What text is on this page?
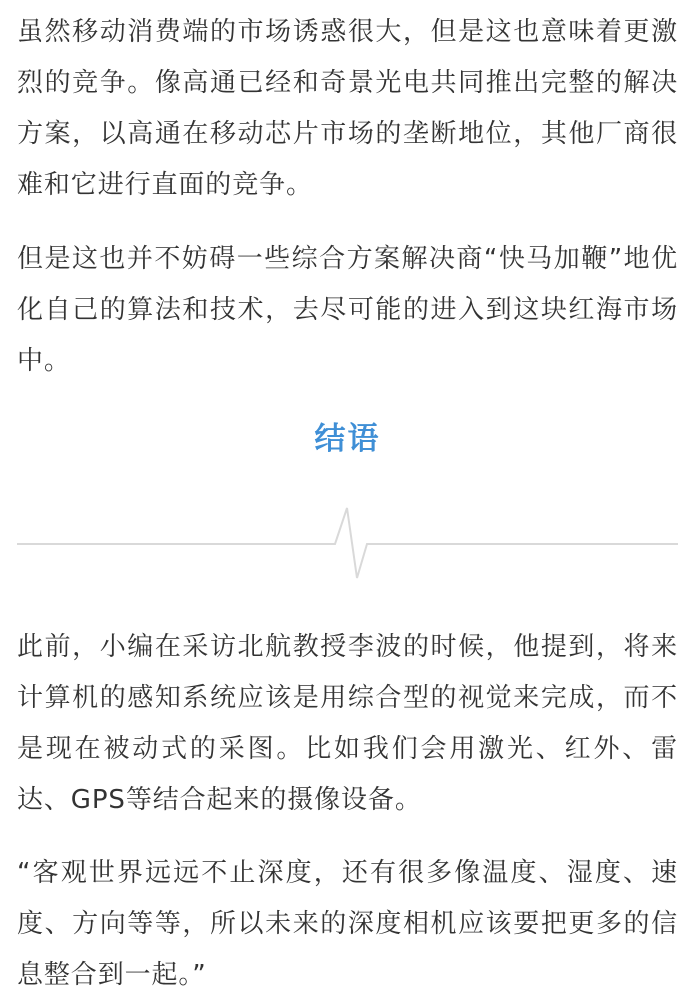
虽然移动消费端的市场诱惑很大，但是这也意味着更激烈的竞争。像高通已经和奇景光电共同推出完整的解决方案，以高通在移动芯片市场的垄断地位，其他厂商很难和它进行直面的竞争。

但是这也并不妨碍一些综合方案解决商“快马加鞭”地优化自己的算法和技术，去尽可能的进入到这块红海市场中。

结语

此前，小编在采访北航教授李波的时候，他提到，将来计算机的感知系统应该是用综合型的视觉来完成，而不是现在被动式的采图。比如我们会用激光、红外、雷达、GPS等结合起来的摄像设备。

“客观世界远远不止深度，还有很多像温度、湿度、速度、方向等等，所以未来的深度相机应该要把更多的信息整合到一起。”
